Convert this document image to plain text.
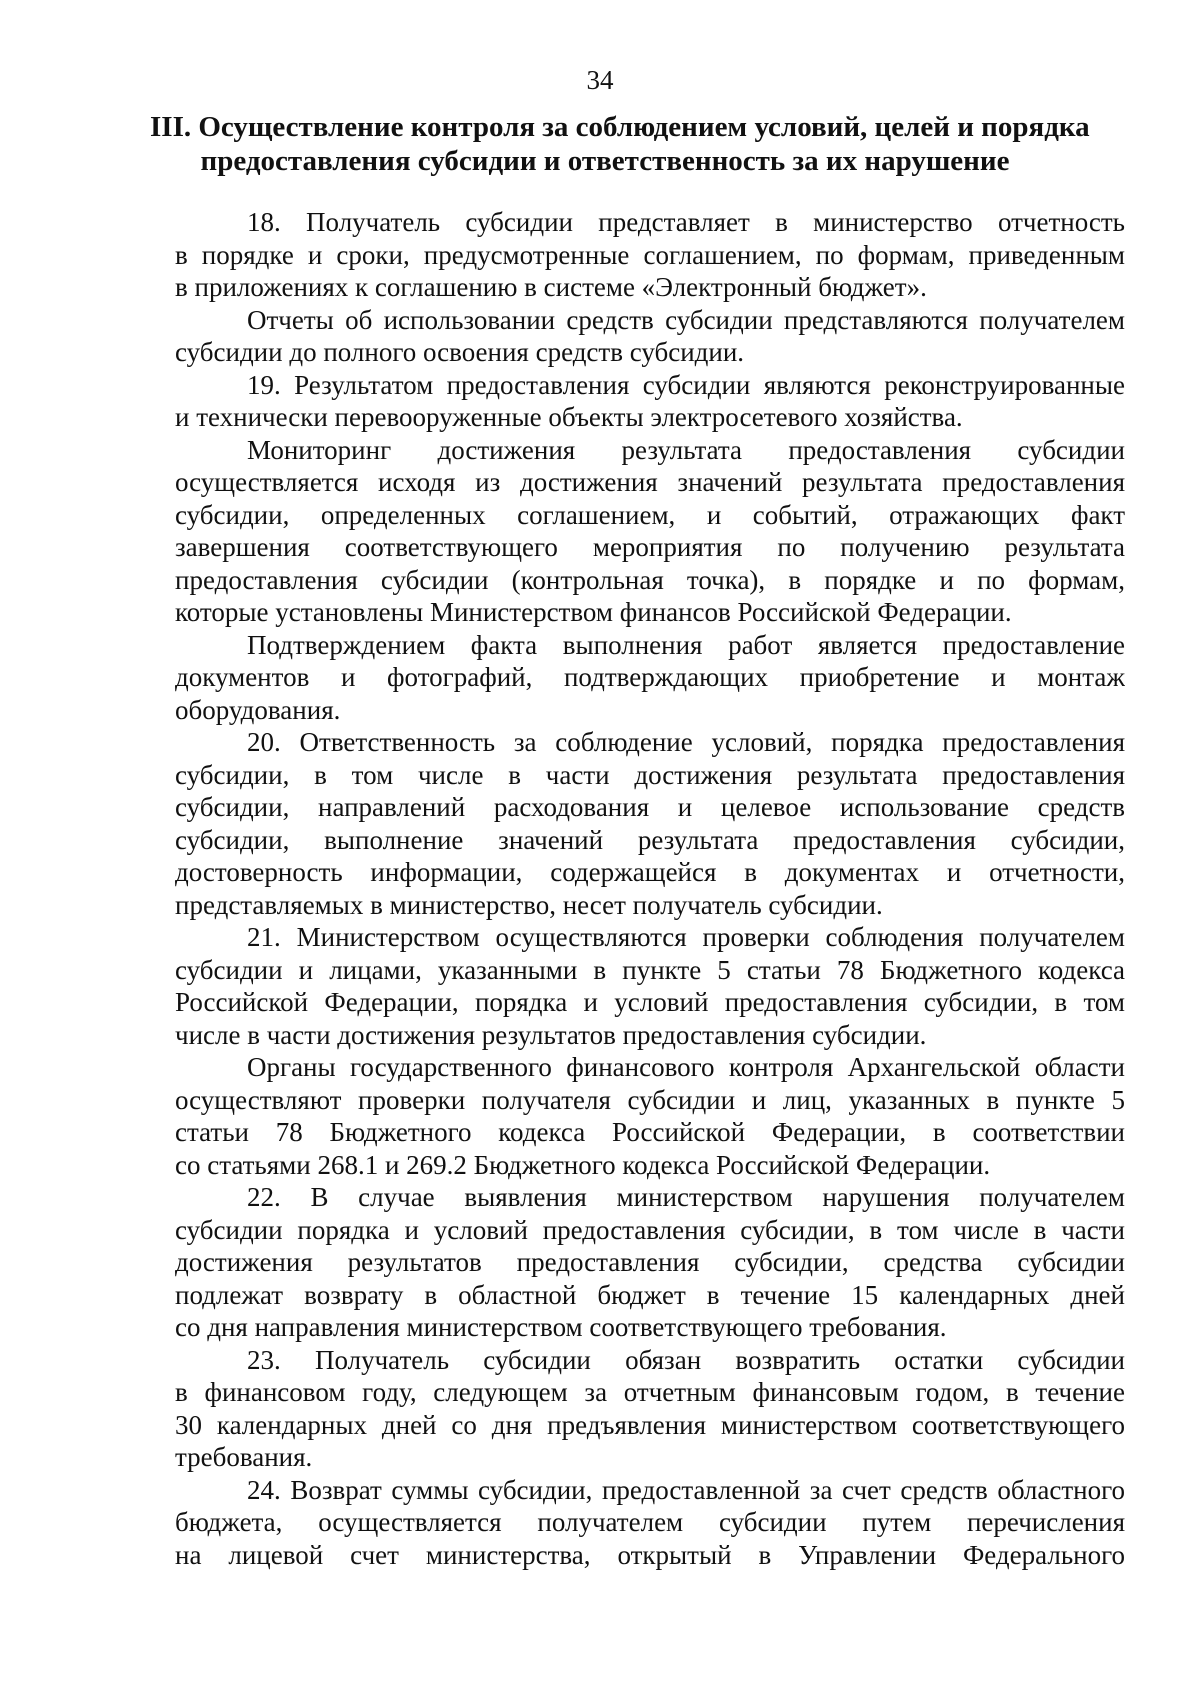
34
III. Осуществление контроля за соблюдением условий, целей и порядка
предоставления субсидии и ответственность за их нарушение
18. Получатель субсидии представляет в министерство отчетность
в порядке и сроки, предусмотренные соглашением, по формам, приведенным
в приложениях к соглашению в системе «Электронный бюджет».
Отчеты об использовании средств субсидии представляются получателем
субсидии до полного освоения средств субсидии.
19. Результатом предоставления субсидии являются реконструированные
и технически перевооруженные объекты электросетевого хозяйства.
Мониторинг достижения результата предоставления субсидии
осуществляется исходя из достижения значений результата предоставления
субсидии, определенных соглашением, и событий, отражающих факт
завершения соответствующего мероприятия по получению результата
предоставления субсидии (контрольная точка), в порядке и по формам,
которые установлены Министерством финансов Российской Федерации.
Подтверждением факта выполнения работ является предоставление
документов и фотографий, подтверждающих приобретение и монтаж
оборудования.
20. Ответственность за соблюдение условий, порядка предоставления
субсидии, в том числе в части достижения результата предоставления
субсидии, направлений расходования и целевое использование средств
субсидии, выполнение значений результата предоставления субсидии,
достоверность информации, содержащейся в документах и отчетности,
представляемых в министерство, несет получатель субсидии.
21. Министерством осуществляются проверки соблюдения получателем
субсидии и лицами, указанными в пункте 5 статьи 78 Бюджетного кодекса
Российской Федерации, порядка и условий предоставления субсидии, в том
числе в части достижения результатов предоставления субсидии.
Органы государственного финансового контроля Архангельской области
осуществляют проверки получателя субсидии и лиц, указанных в пункте 5
статьи 78 Бюджетного кодекса Российской Федерации, в соответствии
со статьями 268.1 и 269.2 Бюджетного кодекса Российской Федерации.
22. В случае выявления министерством нарушения получателем
субсидии порядка и условий предоставления субсидии, в том числе в части
достижения результатов предоставления субсидии, средства субсидии
подлежат возврату в областной бюджет в течение 15 календарных дней
со дня направления министерством соответствующего требования.
23. Получатель субсидии обязан возвратить остатки субсидии
в финансовом году, следующем за отчетным финансовым годом, в течение
30 календарных дней со дня предъявления министерством соответствующего
требования.
24. Возврат суммы субсидии, предоставленной за счет средств областного
бюджета, осуществляется получателем субсидии путем перечисления
на лицевой счет министерства, открытый в Управлении Федерального
